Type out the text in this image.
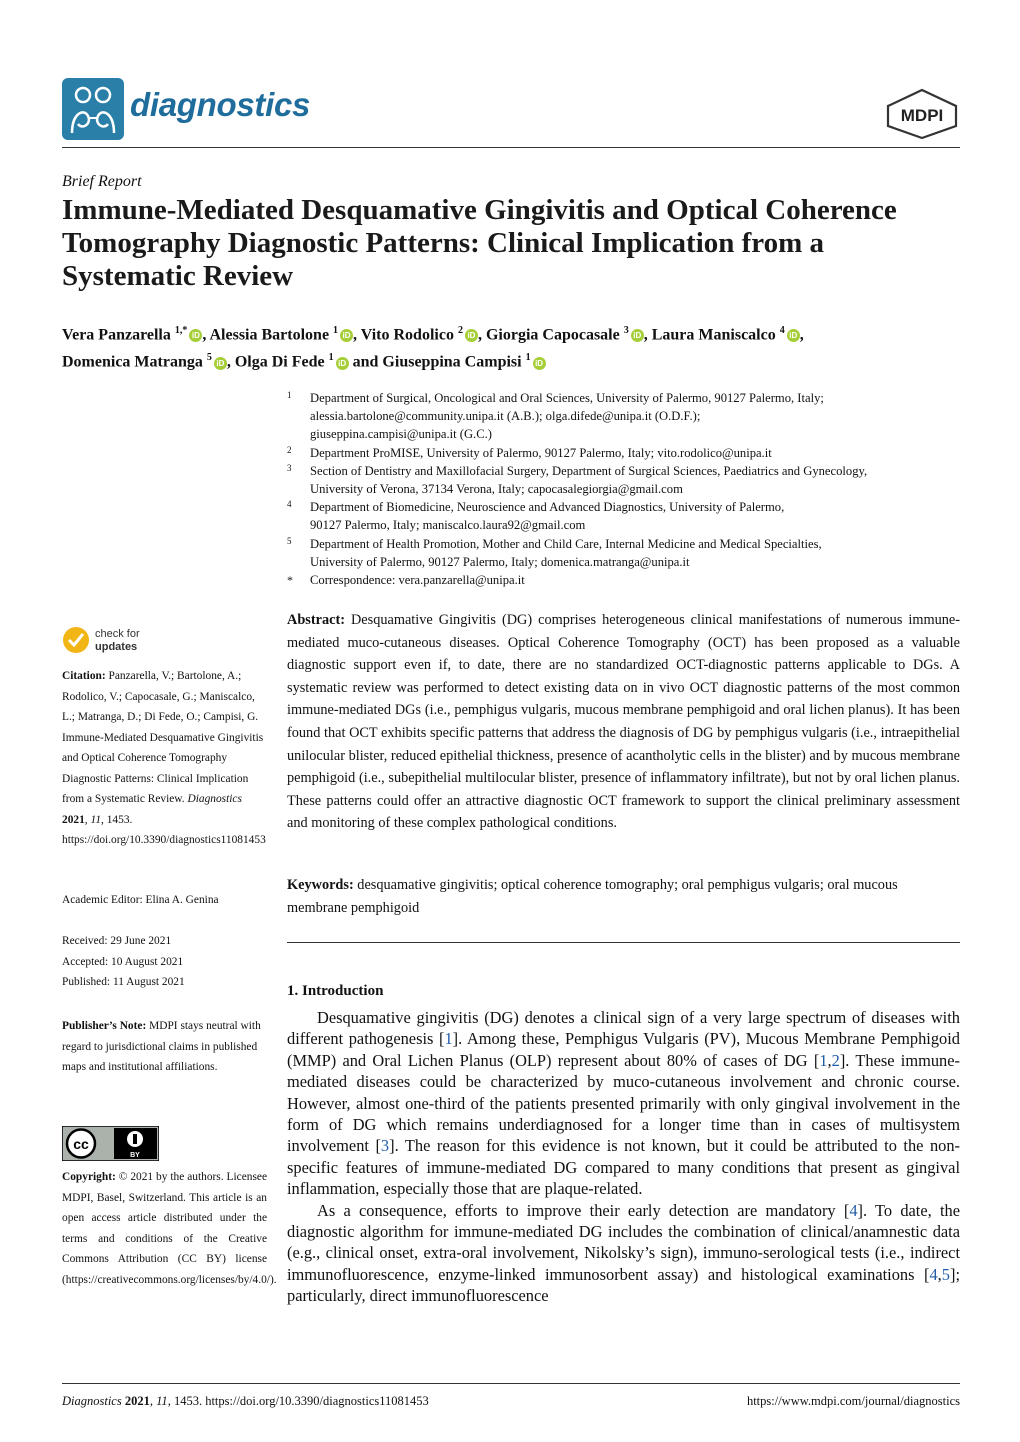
diagnostics	MDPI
Brief Report
Immune-Mediated Desquamative Gingivitis and Optical Coherence Tomography Diagnostic Patterns: Clinical Implication from a Systematic Review
Vera Panzarella $^{1,*}$ iD , Alessia Bartolone $^1$ iD , Vito Rodolico $^2$ iD , Giorgia Capocasale $^3$ iD , Laura Maniscalco $^4$ iD ,
Domenica Matranga $^5$ iD , Olga Di Fede $^1$ iD and Giuseppina Campisi $^1$ iD
1 Department of Surgical, Oncological and Oral Sciences, University of Palermo, 90127 Palermo, Italy;
alessia.bartolone@community.unipa.it (A.B.); olga.difede@unipa.it (O.D.F.);
giuseppina.campisi@unipa.it (G.C.)
2 Department ProMISE, University of Palermo, 90127 Palermo, Italy; vito.rodolico@unipa.it
3 Section of Dentistry and Maxillofacial Surgery, Department of Surgical Sciences, Paediatrics and Gynecology,
University of Verona, 37134 Verona, Italy; capocasalegiorgia@gmail.com
4 Department of Biomedicine, Neuroscience and Advanced Diagnostics, University of Palermo,
90127 Palermo, Italy; maniscalco.laura92@gmail.com
5 Department of Health Promotion, Mother and Child Care, Internal Medicine and Medical Specialties,
University of Palermo, 90127 Palermo, Italy; domenica.matranga@unipa.it
* Correspondence: vera.panzarella@unipa.it
check for
updates
Citation: Panzarella, V.; Bartolone, A.; Rodolico, V.; Capocasale, G.; Maniscalco, L.; Matranga, D.; Di Fede, O.; Campisi, G. Immune-Mediated Desquamative Gingivitis and Optical Coherence Tomography Diagnostic Patterns: Clinical Implication from a Systematic Review. Diagnostics 2021, 11, 1453. https://doi.org/10.3390/diagnostics11081453
Academic Editor: Elina A. Genina
Received: 29 June 2021
Accepted: 10 August 2021
Published: 11 August 2021
Publisher’s Note: MDPI stays neutral with regard to jurisdictional claims in published maps and institutional affiliations.
cc
BY
Copyright: © 2021 by the authors. Licensee MDPI, Basel, Switzerland. This article is an open access article distributed under the terms and conditions of the Creative Commons Attribution (CC BY) license (https://creativecommons.org/licenses/by/4.0/).
Abstract: Desquamative Gingivitis (DG) comprises heterogeneous clinical manifestations of numerous immune-mediated muco-cutaneous diseases. Optical Coherence Tomography (OCT) has been proposed as a valuable diagnostic support even if, to date, there are no standardized OCT-diagnostic patterns applicable to DGs. A systematic review was performed to detect existing data on in vivo OCT diagnostic patterns of the most common immune-mediated DGs (i.e., pemphigus vulgaris, mucous membrane pemphigoid and oral lichen planus). It has been found that OCT exhibits specific patterns that address the diagnosis of DG by pemphigus vulgaris (i.e., intraepithelial unilocular blister, reduced epithelial thickness, presence of acantholytic cells in the blister) and by mucous membrane pemphigoid (i.e., subepithelial multilocular blister, presence of inflammatory infiltrate), but not by oral lichen planus. These patterns could offer an attractive diagnostic OCT framework to support the clinical preliminary assessment and monitoring of these complex pathological conditions.
Keywords: desquamative gingivitis; optical coherence tomography; oral pemphigus vulgaris; oral mucous membrane pemphigoid
1. Introduction

Desquamative gingivitis (DG) denotes a clinical sign of a very large spectrum of diseases with different pathogenesis [1]. Among these, Pemphigus Vulgaris (PV), Mucous Membrane Pemphigoid (MMP) and Oral Lichen Planus (OLP) represent about 80% of cases of DG [1,2]. These immune-mediated diseases could be characterized by muco-cutaneous involvement and chronic course. However, almost one-third of the patients presented primarily with only gingival involvement in the form of DG which remains underdiagnosed for a longer time than in cases of multisystem involvement [3]. The reason for this evidence is not known, but it could be attributed to the non-specific features of immune-mediated DG compared to many conditions that present as gingival inflammation, especially those that are plaque-related.

As a consequence, efforts to improve their early detection are mandatory [4]. To date, the diagnostic algorithm for immune-mediated DG includes the combination of clinical/anamnestic data (e.g., clinical onset, extra-oral involvement, Nikolsky’s sign), immuno-serological tests (i.e., indirect immunofluorescence, enzyme-linked immunosorbent assay) and histological examinations [4,5]; particularly, direct immunofluorescence

Diagnostics 2021, 11, 1453. https://doi.org/10.3390/diagnostics11081453	https://www.mdpi.com/journal/diagnostics
